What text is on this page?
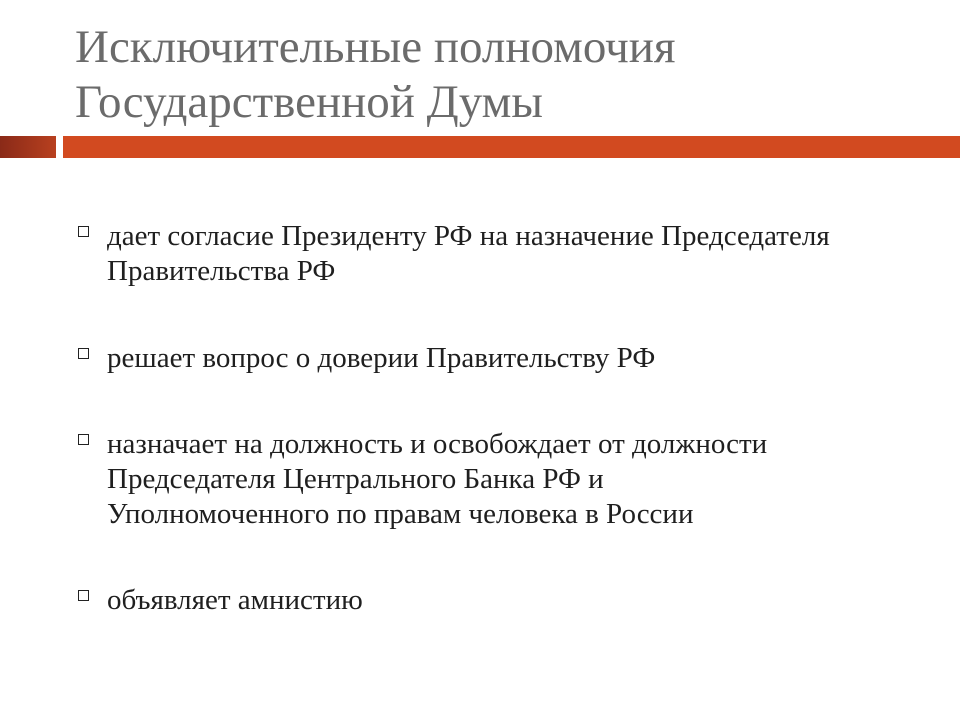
Исключительные полномочия
Государственной Думы
дает согласие Президенту РФ на назначение Председателя
Правительства РФ
решает вопрос о доверии Правительству РФ
назначает на должность и освобождает от должности
Председателя Центрального Банка РФ и
Уполномоченного по правам человека в России
объявляет амнистию
